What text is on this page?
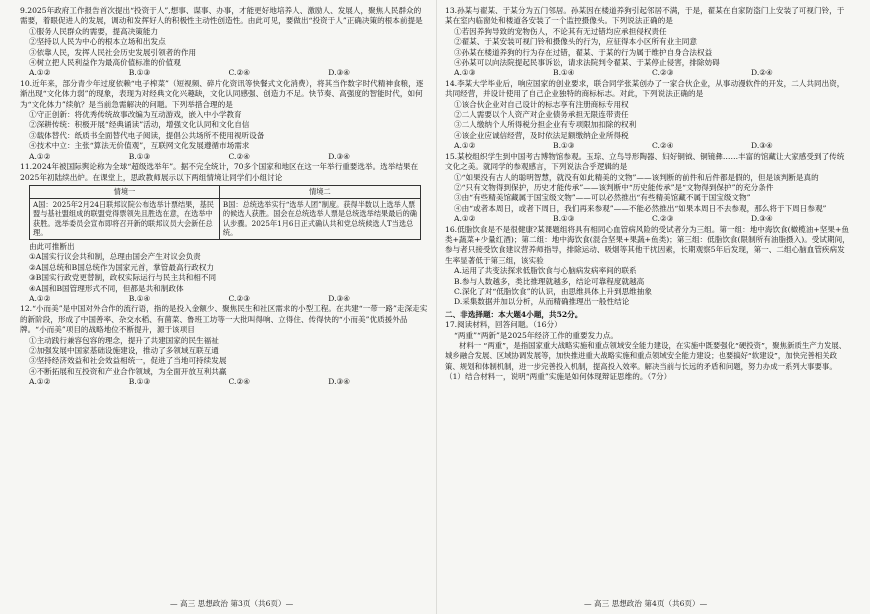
9.2025年政府工作报告首次提出“投资于人”,想事、谋事、办事，才能更好地培养人、激励人、发展人，聚焦人民群众的需要，着眼促进人的发展，调动和发挥好人的积极性主动性创造性。由此可见，要做出“投资于人”正确决策的根本前提是

①服务人民群众的需要，提高决策能力

②坚持以人民为中心的根本立场和出发点

③依靠人民，发挥人民社会历史发展引领者的作用

④树立把人民利益作为最高价值标准的价值观

A.①②	B.①③	C.②④	D.③④

10.近年来，部分青少年过度依赖“电子榨菜”（短视频、碎片化资讯等快餐式文化消费），将其当作数字时代精神食粮，逐渐出现“文化体力弱”的现象，表现为对经典文化兴趣缺，文化认同感强、创造力不足。快节奏、高强度的智能时代，如何为“文化体力”续航？是当前急需解决的问题。下列举措合理的是

①守正创新：将优秀传统故事改编为互动游戏，嵌入中小学教育

②深耕传统：积极开展“经典诵读”活动，增强文化认同和文化自信

③载体替代：纸质书全面替代电子阅读，提倡公共场所不使用视听设备

④技术中立：主张“算法无价值观”，互联网文化发展遵循市场需求

A.①②	B.①③	C.②④	D.③④

11.2024年被国际舆论称为全球“超级选举年”。据不完全统计，70多个国家和地区在这一年举行重要选举。选举结果在2025年初陆续出炉。在课堂上，思政教师展示以下两组情境让同学们小组讨论

情境一	情境二
A国：2025年2月24日联邦议院公布选举计票结果，基民盟与基社盟组成的联盟党得票领先且胜选在意，在选举中获胜。选举委员会宣布即将召开新的联邦议员大会新任总理。	B国：总统选举实行“选举人团”制度。获得半数以上选举人票的候选人获胜。国会在总统选举人票是总统选举结果最后的确认步骤。2025年1月6日正式确认共和党总统候选人T当选总统。

由此可推断出

①A国实行议会共和制，总理由国会产生对议会负责

②A国总统和B国总统作为国家元首，掌管最高行政权力

③B国实行政党更替制，政权实际运行与民主共和相不同

④A国和B国管理形式不同，但都是共和制政体

A.①②	B.①④	C.②③	D.③④

12.“小而美”是中国对外合作的流行语，指的是投入金额少、聚焦民生和社区需求的小型工程。在共建“一带一路”走深走实的新阶段，形成了中国善率、杂交水稻、有菌菜、鲁班工坊等一大批叫得响、立得住、传得快的“小而美”优质援外品牌。“小而美”项目的战略地位不断提升，源于该项目

①主动践行兼容包容的理念，提升了共建国家的民生福祉

②加强发展中国家基础设施建设，推动了多领域互联互通

③坚持经济效益和社会效益相统一，促进了当地可持续发展

④不断拓展和互投资和产业合作领域，为全面开放互利共赢

A.①②	B.①③	C.②④	D.③④
— 高三 思想政治 第3页（共6页）—

13.孙某与翟某、于某分为五门邻居。孙某因在楼道养狗引起邻居不满，于是，翟某在自家防盗门上安装了可视门铃，于某在室内临窗处和楼道各安装了一个监控摄像头。下列说法正确的是

①若因养狗导致的宠物伤人，不论其有无过错均应承担侵权责任

②翟某、于某安装可视门铃和摄像头的行为，应征得本小区所有业主同意

③孙某在楼道养狗的行为存在过错，翟某、于某的行为属于维护自身合法权益

④孙某可以向法院提起民事诉讼，请求法院判令翟某、于某停止侵害，排除妨碍

A.①③	B.①④	C.②③	D.②④

14.李某大学毕业后，响应国家的创业要求，联合同学张某创办了一家合伙企业，从事动漫软件的开发，二人共同出资，共同经营，并设计使用了自己企业独特的商标标志。对此，下列说法正确的是

①该合伙企业对自己设计的标志享有注册商标专用权

②二人需要以个人资产对企业债务承担无限连带责任

③二人缴纳个人所得税分担企业有专项限加扣除的权利

④该企业应诚信经营，及时依法足额缴纳企业所得税

A.①②	B.①③	C.②④	D.③④

15.某校组织学生到中国考古博物馆参观。玉琮、立鸟导形陶器、妇好铜钺、铜镜彝……丰富的馆藏让大家感受到了传统文化之美。就同学的参观感言，下列说法合乎逻辑的是

①“如果没有古人的聪明智慧，就没有如此精美的文物”——该判断的前件和后件都是假的，但是该判断是真的

②“只有文物得到保护，历史才能传承”——该判断中“历史能传承”是“文物得到保护”的充分条件

③由“有些精美馆藏属于国宝级文物”——可以必然推出“有些精美馆藏不属于国宝级文物”

④由“或者本周日，或者下周日，我们再来参观”——不能必然推出“如果本周日不去参观，那么将于下周日参观”

A.①②	B.①③	C.②③	D.③④

16.低脂饮食是不是很健康?某课题组将具有相同心血管病风险的受试者分为三组。第一组：地中海饮食(橄榄油+坚果+鱼类+蔬菜+少量红酒)；第二组：地中海饮食(混合坚果+果蔬+鱼类)；第三组：低脂饮食(限制所有油脂摄入)。受试期间，参与者只接受饮食建议营养师指导，排除运动、吸烟等其他干扰因素，长期观察5年后发现，第一、二组心脑血管疾病发生率显著低于第三组，该实验

A.运用了共变法探求低脂饮食与心脑病发病率间的联系

B.参与人数越多，类比推理就越多，结论可靠程度就越高

C.深化了对“低脂饮食”的认识，由思维具体上升到思维抽象

D.采集数据并加以分析，从而精确推理出一般性结论

二、非选择题：本大题4小题，共52分。

17.阅读材料，回答问题。（16分）

“两重”“两新”是2025年经济工作的重要发力点。

材料一 “两重”，是指国家重大战略实施和重点领域安全能力建设，在实施中既要强化“硬投资”，聚焦新质生产力发展、城乡融合发展、区域协调发展等，加快推进重大战略实施和重点领域安全能力建设；也要搞好“软建设”，加快完善相关政策、规划和体制机制，进一步完善投入机制，提高投入效率。解决当前与长远的矛盾和问题，努力办成一系列大事要事。

（1）结合材料一，说明“两重”实施是如何体现辩证思维的。（7分）

— 高三 思想政治 第4页（共6页）—
